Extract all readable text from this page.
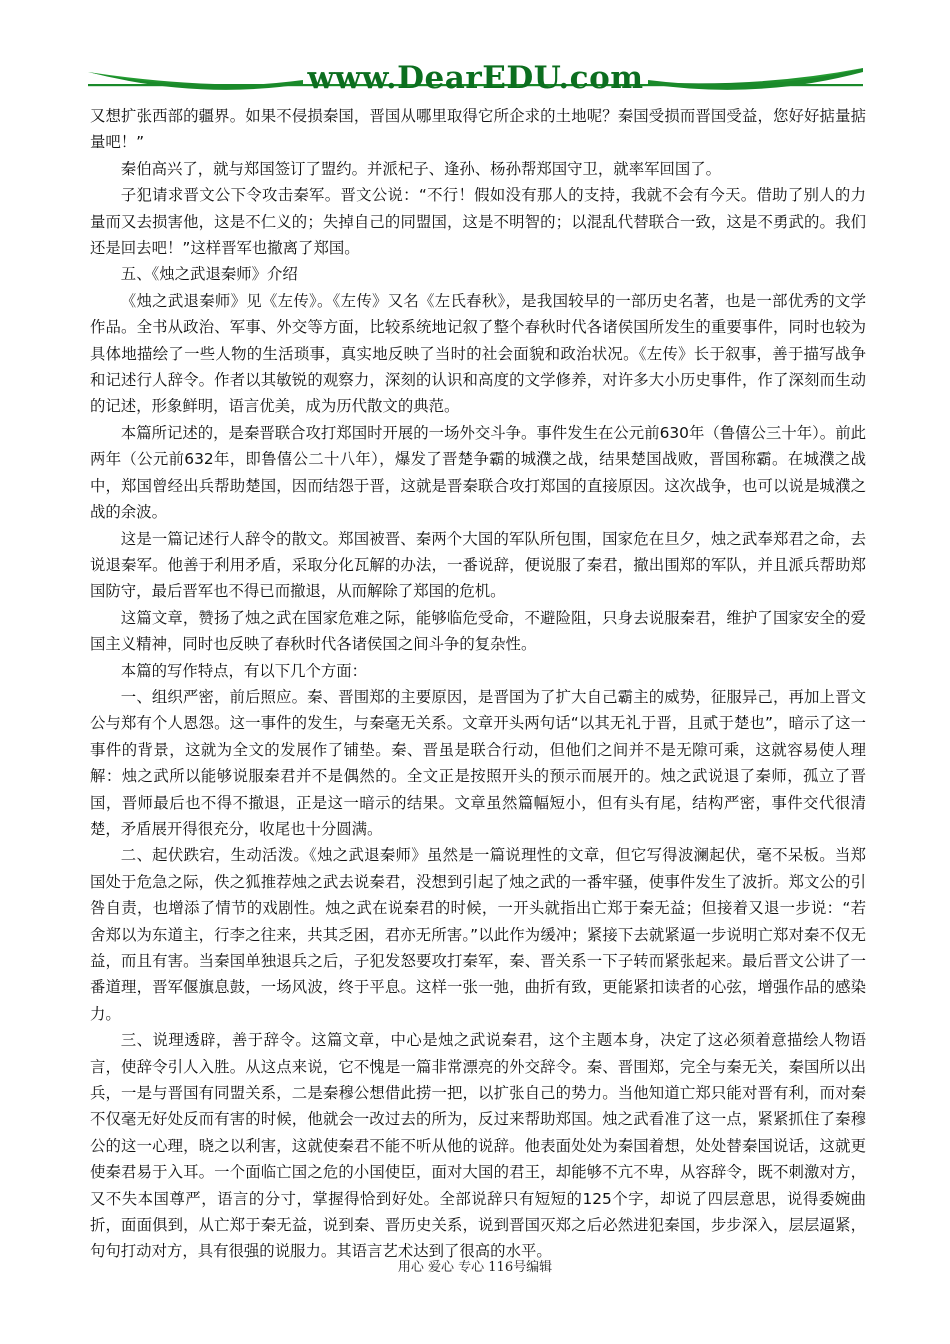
www.DearEDU.com

又想扩张西部的疆界。如果不侵损秦国，晋国从哪里取得它所企求的土地呢？秦国受损而晋国受益，您好好掂量掂量吧！”

秦伯高兴了，就与郑国签订了盟约。并派杞子、逢孙、杨孙帮郑国守卫，就率军回国了。

子犯请求晋文公下令攻击秦军。晋文公说：“不行！假如没有那人的支持，我就不会有今天。借助了别人的力量而又去损害他，这是不仁义的；失掉自己的同盟国，这是不明智的；以混乱代替联合一致，这是不勇武的。我们还是回去吧！”这样晋军也撤离了郑国。

五、《烛之武退秦师》介绍

《烛之武退秦师》见《左传》。《左传》又名《左氏春秋》，是我国较早的一部历史名著，也是一部优秀的文学作品。全书从政治、军事、外交等方面，比较系统地记叙了整个春秋时代各诸侯国所发生的重要事件，同时也较为具体地描绘了一些人物的生活琐事，真实地反映了当时的社会面貌和政治状况。《左传》长于叙事，善于描写战争和记述行人辞令。作者以其敏锐的观察力，深刻的认识和高度的文学修养，对许多大小历史事件，作了深刻而生动的记述，形象鲜明，语言优美，成为历代散文的典范。

本篇所记述的，是秦晋联合攻打郑国时开展的一场外交斗争。事件发生在公元前630年（鲁僖公三十年）。前此两年（公元前632年，即鲁僖公二十八年），爆发了晋楚争霸的城濮之战，结果楚国战败，晋国称霸。在城濮之战中，郑国曾经出兵帮助楚国，因而结怨于晋，这就是晋秦联合攻打郑国的直接原因。这次战争，也可以说是城濮之战的余波。

这是一篇记述行人辞令的散文。郑国被晋、秦两个大国的军队所包围，国家危在旦夕，烛之武奉郑君之命，去说退秦军。他善于利用矛盾，采取分化瓦解的办法，一番说辞，便说服了秦君，撤出围郑的军队，并且派兵帮助郑国防守，最后晋军也不得已而撤退，从而解除了郑国的危机。

这篇文章，赞扬了烛之武在国家危难之际，能够临危受命，不避险阻，只身去说服秦君，维护了国家安全的爱国主义精神，同时也反映了春秋时代各诸侯国之间斗争的复杂性。

本篇的写作特点，有以下几个方面：

一、组织严密，前后照应。秦、晋围郑的主要原因，是晋国为了扩大自己霸主的威势，征服异己，再加上晋文公与郑有个人恩怨。这一事件的发生，与秦毫无关系。文章开头两句话“以其无礼于晋，且贰于楚也”，暗示了这一事件的背景，这就为全文的发展作了铺垫。秦、晋虽是联合行动，但他们之间并不是无隙可乘，这就容易使人理解：烛之武所以能够说服秦君并不是偶然的。全文正是按照开头的预示而展开的。烛之武说退了秦师，孤立了晋国，晋师最后也不得不撤退，正是这一暗示的结果。文章虽然篇幅短小，但有头有尾，结构严密，事件交代很清楚，矛盾展开得很充分，收尾也十分圆满。

二、起伏跌宕，生动活泼。《烛之武退秦师》虽然是一篇说理性的文章，但它写得波澜起伏，毫不呆板。当郑国处于危急之际，佚之狐推荐烛之武去说秦君，没想到引起了烛之武的一番牢骚，使事件发生了波折。郑文公的引咎自责，也增添了情节的戏剧性。烛之武在说秦君的时候，一开头就指出亡郑于秦无益；但接着又退一步说：“若舍郑以为东道主，行李之往来，共其乏困，君亦无所害。”以此作为缓冲；紧接下去就紧逼一步说明亡郑对秦不仅无益，而且有害。当秦国单独退兵之后，子犯发怒要攻打秦军，秦、晋关系一下子转而紧张起来。最后晋文公讲了一番道理，晋军偃旗息鼓，一场风波，终于平息。这样一张一弛，曲折有致，更能紧扣读者的心弦，增强作品的感染力。

三、说理透辟，善于辞令。这篇文章，中心是烛之武说秦君，这个主题本身，决定了这必须着意描绘人物语言，使辞令引人入胜。从这点来说，它不愧是一篇非常漂亮的外交辞令。秦、晋围郑，完全与秦无关，秦国所以出兵，一是与晋国有同盟关系，二是秦穆公想借此捞一把，以扩张自己的势力。当他知道亡郑只能对晋有利，而对秦不仅毫无好处反而有害的时候，他就会一改过去的所为，反过来帮助郑国。烛之武看准了这一点，紧紧抓住了秦穆公的这一心理，晓之以利害，这就使秦君不能不听从他的说辞。他表面处处为秦国着想，处处替秦国说话，这就更使秦君易于入耳。一个面临亡国之危的小国使臣，面对大国的君王，却能够不亢不卑，从容辞令，既不刺激对方，又不失本国尊严，语言的分寸，掌握得恰到好处。全部说辞只有短短的125个字，却说了四层意思，说得委婉曲折，面面俱到，从亡郑于秦无益，说到秦、晋历史关系，说到晋国灭郑之后必然进犯秦国，步步深入，层层逼紧，句句打动对方，具有很强的说服力。其语言艺术达到了很高的水平。

用心 爱心 专心 116号编辑
